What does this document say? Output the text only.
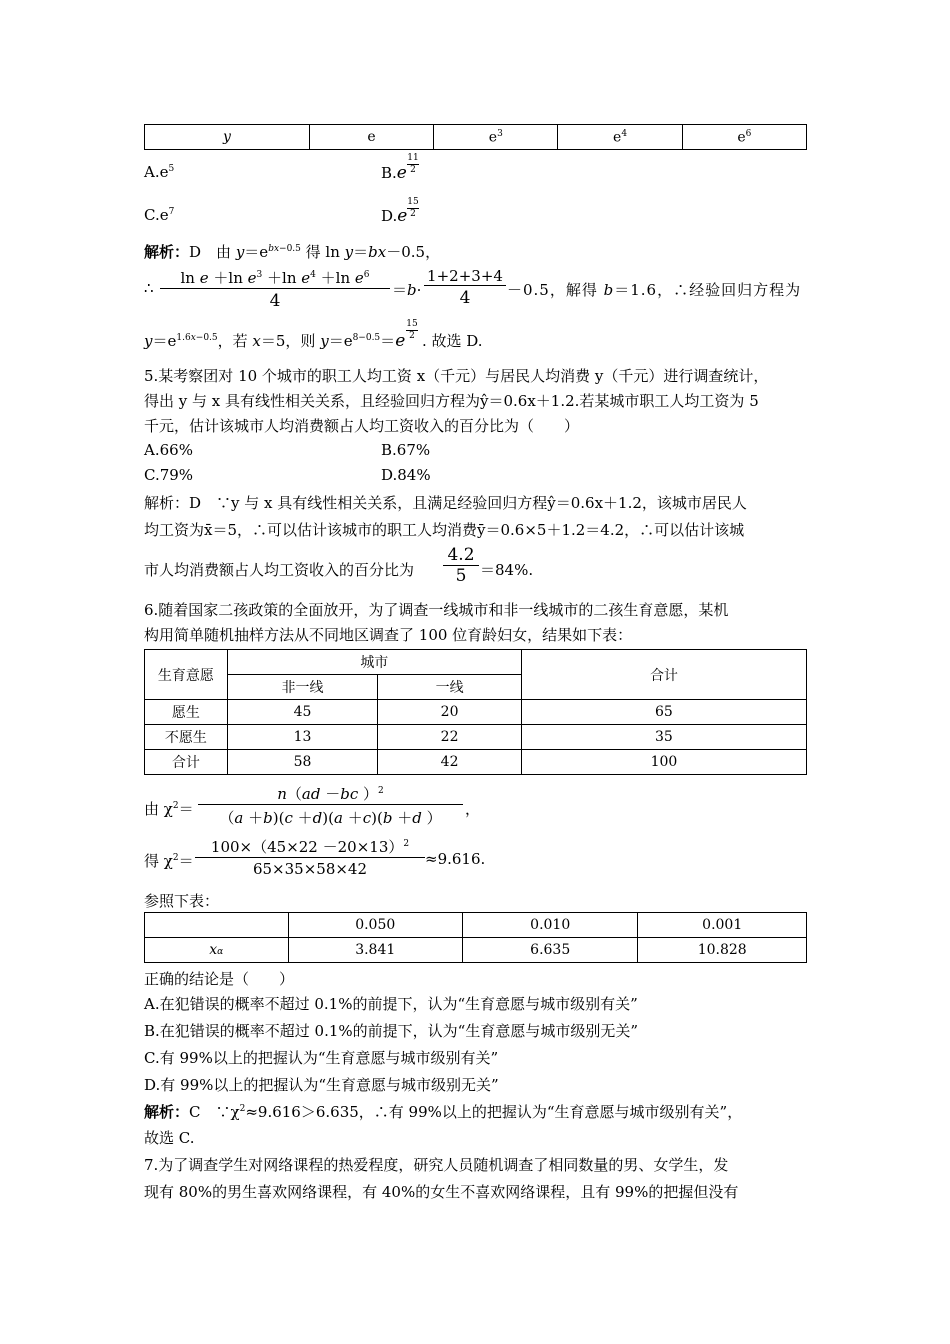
y	e	$e^3$	$e^4$	$e^6$
$A.e^5$	B.e
11
2
$C.e^7$	D.e
15
2
解析：D　由 $y=e^{bx-0.5}$ 得 ln y＝bx－0.5，
∴ $\frac{\ln e +\ln e^3 +\ln e^4 +\ln e^6}{4} =b\cdot \frac{1+2+3+4}{4} -0.5$，解得 b＝1.6，∴经验回归方程为
$y=e^{1.6x-0.5}$，若 x＝5，则 $y=e^{8-0.5}=e$
15
2 . 故选 D.
5.某考察团对 10 个城市的职工人均工资 x（千元）与居民人均消费 y（千元）进行调查统计，
得出 y 与 x 具有线性相关关系，且经验回归方程为ŷ＝0.6x＋1.2.若某城市职工人均工资为 5
千元，估计该城市人均消费额占人均工资收入的百分比为（　　）
A.66%	B.67%
C.79%	D.84%
解析：D　∵y 与 x 具有线性相关关系，且满足经验回归方程ŷ＝0.6x＋1.2，该城市居民人
均工资为x̄＝5，∴可以估计该城市的职工人均消费ȳ＝0.6×5＋1.2＝4.2，∴可以估计该城
市人均消费额占人均工资收入的百分比为 $\frac{4.2}{5} =84\%$.
6.随着国家二孩政策的全面放开，为了调查一线城市和非一线城市的二孩生育意愿，某机
构用简单随机抽样方法从不同地区调查了 100 位育龄妇女，结果如下表：
生育意愿	城市		合计
	非一线	一线	
愿生	45	20	65
不愿生	13	22	35
合计	58	42	100
由 $\chi^2= \frac{n(ad -bc )^2}{(a +b)(c +d)(a +c)(b +d )}$ ，
得 $\chi^2= \frac{100\times(45\times 22 -20\times 13)^2}{65\times 35\times 58\times 42} \approx 9.616$.
参照下表：
	0.050	0.010	0.001
xα	3.841	6.635	10.828
正确的结论是（　　）
A.在犯错误的概率不超过 0.1%的前提下，认为“生育意愿与城市级别有关”
B.在犯错误的概率不超过 0.1%的前提下，认为“生育意愿与城市级别无关”
C.有 99%以上的把握认为“生育意愿与城市级别有关”
D.有 99%以上的把握认为“生育意愿与城市级别无关”
解析：C　$\because\chi^2\approx 9.616>6.635$，∴有 99%以上的把握认为“生育意愿与城市级别有关”，
故选 C.
7.为了调查学生对网络课程的热爱程度，研究人员随机调查了相同数量的男、女学生，发
现有 80%的男生喜欢网络课程，有 40%的女生不喜欢网络课程，且有 99%的把握但没有
